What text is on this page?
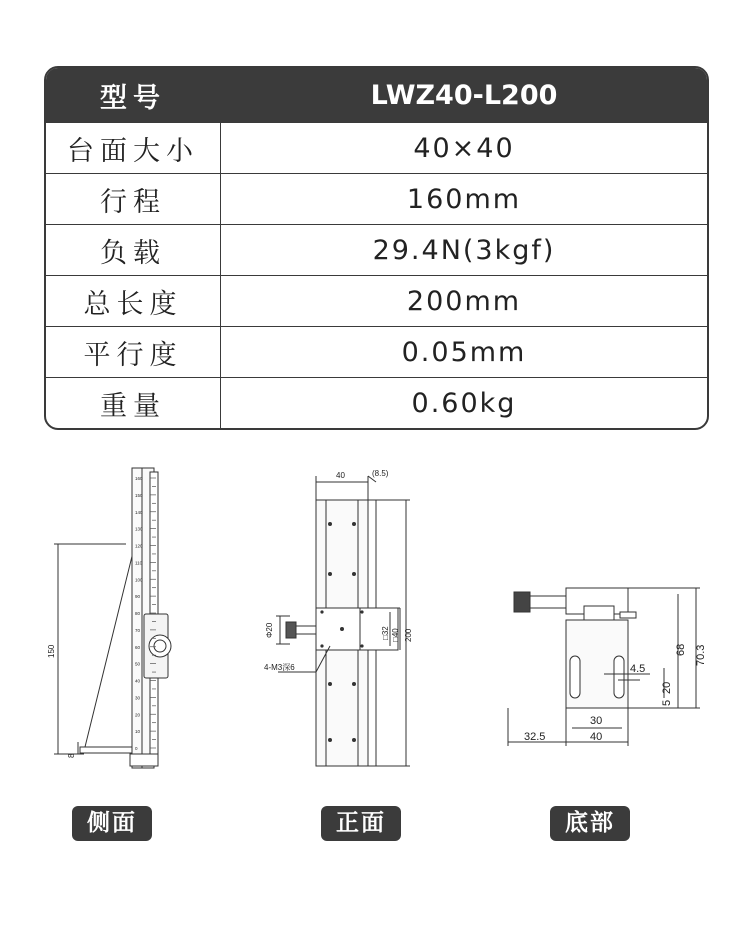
型号	LWZ40-L200
台面大小	40×40
行程	160mm
负载	29.4N(3kgf)
总长度	200mm
平行度	0.05mm
重量	0.60kg
150
8
160
150
140
130
120
110
100
90
80
70
60
50
40
30
20
10
0
40	(8.5)
Φ20	□32 □40 200
4-M3深6
68 70.3
4.5
20
5
30
32.5	40
侧面	正面	底部
